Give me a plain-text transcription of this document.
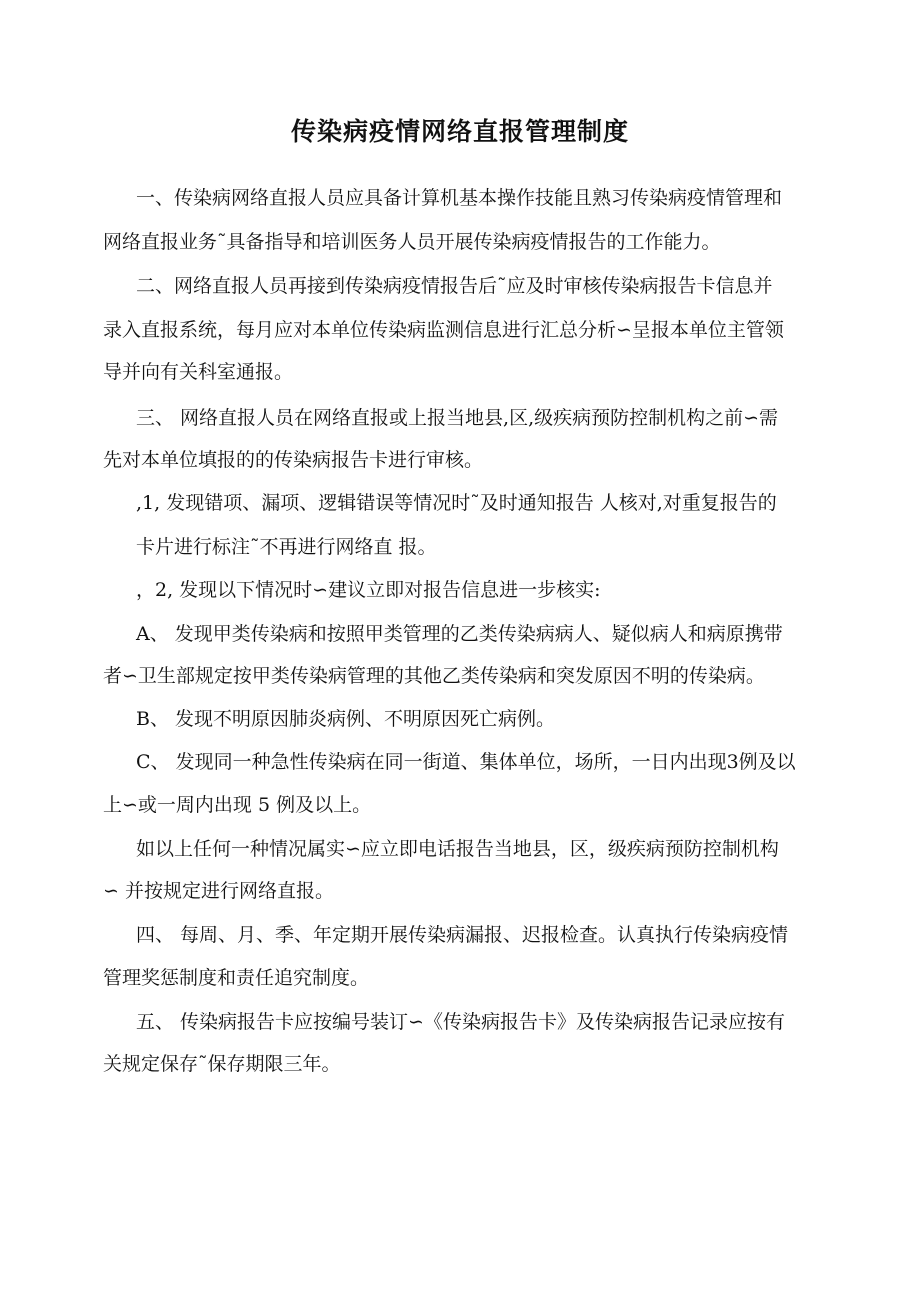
传染病疫情网络直报管理制度

一、传染病网络直报人员应具备计算机基本操作技能且熟习传染病疫情管理和

网络直报业务˜具备指导和培训医务人员开展传染病疫情报告的工作能力。

二、网络直报人员再接到传染病疫情报告后˜应及时审核传染病报告卡信息并

录入直报系统，每月应对本单位传染病监测信息进行汇总分析∽呈报本单位主管领

导并向有关科室通报。

三、 网络直报人员在网络直报或上报当地县,区,级疾病预防控制机构之前∽需

先对本单位填报的的传染病报告卡进行审核。

,1, 发现错项、漏项、逻辑错误等情况时˜及时通知报告 人核对,对重复报告的

卡片进行标注˜不再进行网络直 报。

，2, 发现以下情况时∽建议立即对报告信息进一步核实:

A、 发现甲类传染病和按照甲类管理的乙类传染病病人、疑似病人和病原携带

者∽卫生部规定按甲类传染病管理的其他乙类传染病和突发原因不明的传染病。

B、 发现不明原因肺炎病例、不明原因死亡病例。

C、 发现同一种急性传染病在同一街道、集体单位，场所，一日内出现3例及以

上∽或一周内出现 5 例及以上。

如以上任何一种情况属实∽应立即电话报告当地县，区，级疾病预防控制机构

∽ 并按规定进行网络直报。

四、 每周、月、季、年定期开展传染病漏报、迟报检查。认真执行传染病疫情

管理奖惩制度和责任追究制度。

五、 传染病报告卡应按编号装订∽《传染病报告卡》及传染病报告记录应按有

关规定保存˜保存期限三年。
